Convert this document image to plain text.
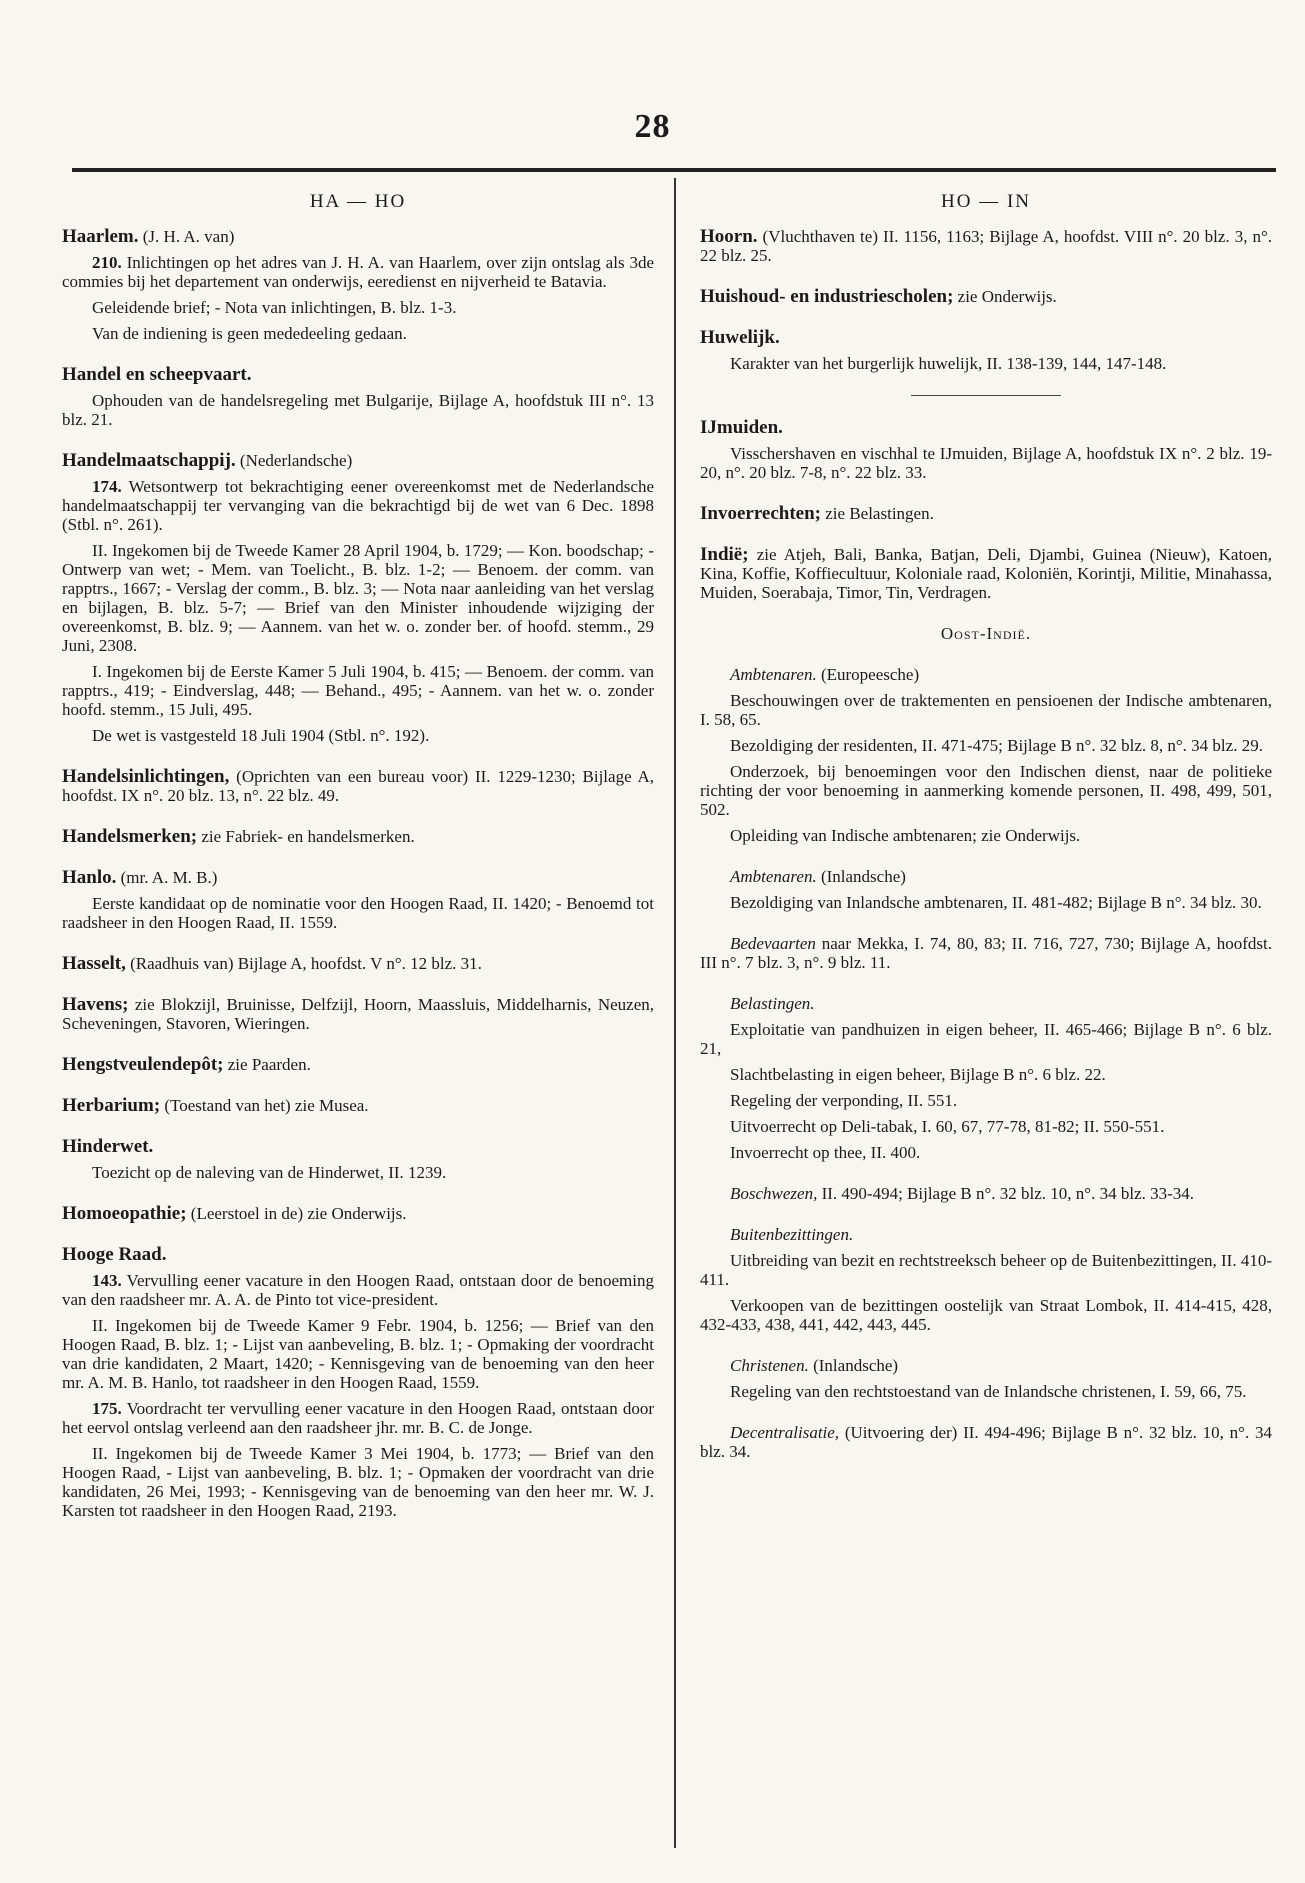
28
HA — HO

Haarlem. (J. H. A. van)

210. Inlichtingen op het adres van J. H. A. van Haarlem, over zijn ontslag als 3de commies bij het departement van onderwijs, eeredienst en nijverheid te Batavia.

Geleidende brief; - Nota van inlichtingen, B. blz. 1-3.

Van de indiening is geen mededeeling gedaan.

Handel en scheepvaart.

Ophouden van de handelsregeling met Bulgarije, Bijlage A, hoofdstuk III n°. 13 blz. 21.

Handelmaatschappij. (Nederlandsche)

174. Wetsontwerp tot bekrachtiging eener overeenkomst met de Nederlandsche handelmaatschappij ter vervanging van die bekrachtigd bij de wet van 6 Dec. 1898 (Stbl. n°. 261).

II. Ingekomen bij de Tweede Kamer 28 April 1904, b. 1729; — Kon. boodschap; - Ontwerp van wet; - Mem. van Toelicht., B. blz. 1-2; — Benoem. der comm. van rapptrs., 1667; - Verslag der comm., B. blz. 3; — Nota naar aanleiding van het verslag en bijlagen, B. blz. 5-7; — Brief van den Minister inhoudende wijziging der overeenkomst, B. blz. 9; — Aannem. van het w. o. zonder ber. of hoofd. stemm., 29 Juni, 2308.

I. Ingekomen bij de Eerste Kamer 5 Juli 1904, b. 415; — Benoem. der comm. van rapptrs., 419; - Eindverslag, 448; — Behand., 495; - Aannem. van het w. o. zonder hoofd. stemm., 15 Juli, 495.

De wet is vastgesteld 18 Juli 1904 (Stbl. n°. 192).

Handelsinlichtingen, (Oprichten van een bureau voor) II. 1229-1230; Bijlage A, hoofdst. IX n°. 20 blz. 13, n°. 22 blz. 49.

Handelsmerken; zie Fabriek- en handelsmerken.

Hanlo. (mr. A. M. B.)

Eerste kandidaat op de nominatie voor den Hoogen Raad, II. 1420; - Benoemd tot raadsheer in den Hoogen Raad, II. 1559.

Hasselt, (Raadhuis van) Bijlage A, hoofdst. V n°. 12 blz. 31.

Havens; zie Blokzijl, Bruinisse, Delfzijl, Hoorn, Maassluis, Middelharnis, Neuzen, Scheveningen, Stavoren, Wieringen.

Hengstveulendepôt; zie Paarden.

Herbarium; (Toestand van het) zie Musea.

Hinderwet.

Toezicht op de naleving van de Hinderwet, II. 1239.

Homoeopathie; (Leerstoel in de) zie Onderwijs.

Hooge Raad.

143. Vervulling eener vacature in den Hoogen Raad, ontstaan door de benoeming van den raadsheer mr. A. A. de Pinto tot vice-president.

II. Ingekomen bij de Tweede Kamer 9 Febr. 1904, b. 1256; — Brief van den Hoogen Raad, B. blz. 1; - Lijst van aanbeveling, B. blz. 1; - Opmaking der voordracht van drie kandidaten, 2 Maart, 1420; - Kennisgeving van de benoeming van den heer mr. A. M. B. Hanlo, tot raadsheer in den Hoogen Raad, 1559.

175. Voordracht ter vervulling eener vacature in den Hoogen Raad, ontstaan door het eervol ontslag verleend aan den raadsheer jhr. mr. B. C. de Jonge.

II. Ingekomen bij de Tweede Kamer 3 Mei 1904, b. 1773; — Brief van den Hoogen Raad, - Lijst van aanbeveling, B. blz. 1; - Opmaken der voordracht van drie kandidaten, 26 Mei, 1993; - Kennisgeving van de benoeming van den heer mr. W. J. Karsten tot raadsheer in den Hoogen Raad, 2193.

HO — IN

Hoorn. (Vluchthaven te) II. 1156, 1163; Bijlage A, hoofdst. VIII n°. 20 blz. 3, n°. 22 blz. 25.

Huishoud- en industriescholen; zie Onderwijs.

Huwelijk.

Karakter van het burgerlijk huwelijk, II. 138-139, 144, 147-148.

IJmuiden.

Visschershaven en vischhal te IJmuiden, Bijlage A, hoofdstuk IX n°. 2 blz. 19-20, n°. 20 blz. 7-8, n°. 22 blz. 33.

Invoerrechten; zie Belastingen.

Indië; zie Atjeh, Bali, Banka, Batjan, Deli, Djambi, Guinea (Nieuw), Katoen, Kina, Koffie, Koffiecultuur, Koloniale raad, Koloniën, Korintji, Militie, Minahassa, Muiden, Soerabaja, Timor, Tin, Verdragen.

Oost-Indië.

Ambtenaren. (Europeesche)

Beschouwingen over de traktementen en pensioenen der Indische ambtenaren, I. 58, 65.

Bezoldiging der residenten, II. 471-475; Bijlage B n°. 32 blz. 8, n°. 34 blz. 29.

Onderzoek, bij benoemingen voor den Indischen dienst, naar de politieke richting der voor benoeming in aanmerking komende personen, II. 498, 499, 501, 502.

Opleiding van Indische ambtenaren; zie Onderwijs.

Ambtenaren. (Inlandsche)

Bezoldiging van Inlandsche ambtenaren, II. 481-482; Bijlage B n°. 34 blz. 30.

Bedevaarten naar Mekka, I. 74, 80, 83; II. 716, 727, 730; Bijlage A, hoofdst. III n°. 7 blz. 3, n°. 9 blz. 11.

Belastingen.

Exploitatie van pandhuizen in eigen beheer, II. 465-466; Bijlage B n°. 6 blz. 21,

Slachtbelasting in eigen beheer, Bijlage B n°. 6 blz. 22.

Regeling der verponding, II. 551.

Uitvoerrecht op Deli-tabak, I. 60, 67, 77-78, 81-82; II. 550-551.

Invoerrecht op thee, II. 400.

Boschwezen, II. 490-494; Bijlage B n°. 32 blz. 10, n°. 34 blz. 33-34.

Buitenbezittingen.

Uitbreiding van bezit en rechtstreeksch beheer op de Buitenbezittingen, II. 410-411.

Verkoopen van de bezittingen oostelijk van Straat Lombok, II. 414-415, 428, 432-433, 438, 441, 442, 443, 445.

Christenen. (Inlandsche)

Regeling van den rechtstoestand van de Inlandsche christenen, I. 59, 66, 75.

Decentralisatie, (Uitvoering der) II. 494-496; Bijlage B n°. 32 blz. 10, n°. 34 blz. 34.
